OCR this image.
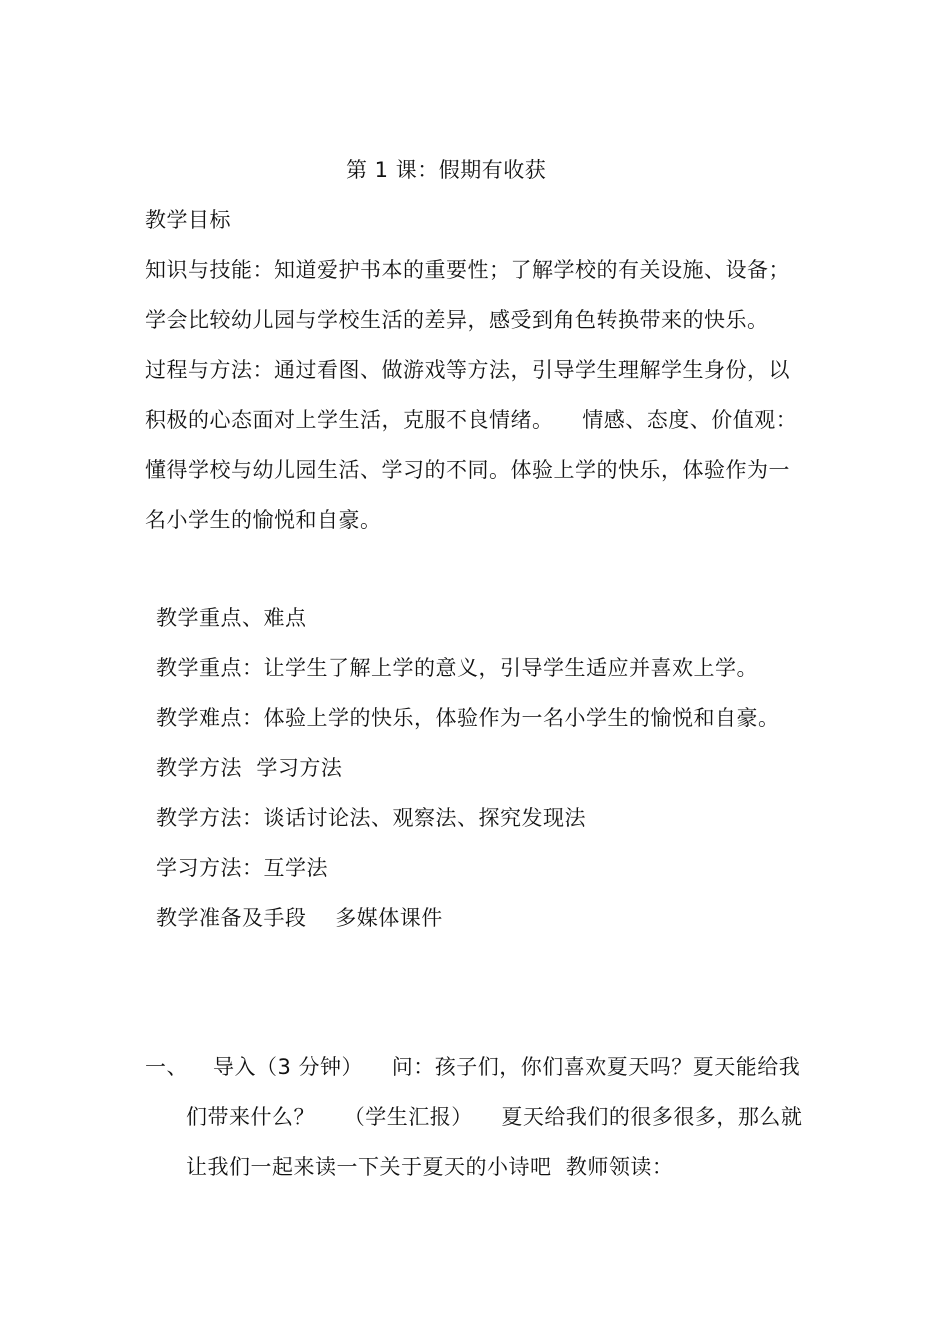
第 1 课：假期有收获
教学目标
知识与技能：知道爱护书本的重要性；了解学校的有关设施、设备；
学会比较幼儿园与学校生活的差异，感受到角色转换带来的快乐。
过程与方法：通过看图、做游戏等方法，引导学生理解学生身份，以
积极的心态面对上学生活，克服不良情绪。    情感、态度、价值观：
懂得学校与幼儿园生活、学习的不同。体验上学的快乐，体验作为一
名小学生的愉悦和自豪。
教学重点、难点
教学重点：让学生了解上学的意义，引导学生适应并喜欢上学。
教学难点：体验上学的快乐，体验作为一名小学生的愉悦和自豪。
教学方法  学习方法
教学方法：谈话讨论法、观察法、探究发现法
学习方法：互学法
教学准备及手段    多媒体课件
一、 导入（3 分钟）    问：孩子们，你们喜欢夏天吗？夏天能给我
们带来什么？    （学生汇报）    夏天给我们的很多很多，那么就
让我们一起来读一下关于夏天的小诗吧  教师领读：
